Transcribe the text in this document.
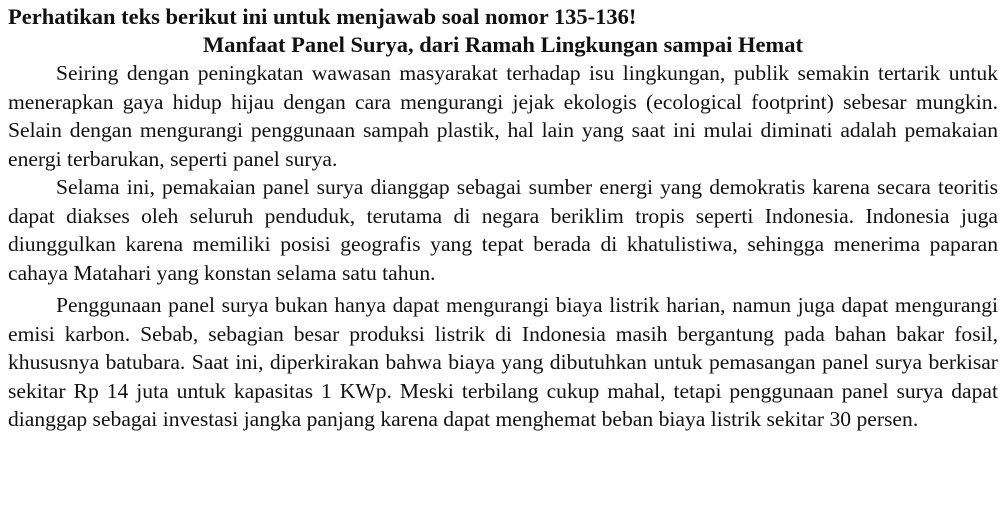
Perhatikan teks berikut ini untuk menjawab soal nomor 135-136!

Manfaat Panel Surya, dari Ramah Lingkungan sampai Hemat

Seiring dengan peningkatan wawasan masyarakat terhadap isu lingkungan, publik semakin tertarik untuk menerapkan gaya hidup hijau dengan cara mengurangi jejak ekologis (ecological footprint) sebesar mungkin. Selain dengan mengurangi penggunaan sampah plastik, hal lain yang saat ini mulai diminati adalah pemakaian energi terbarukan, seperti panel surya.

Selama ini, pemakaian panel surya dianggap sebagai sumber energi yang demokratis karena secara teoritis dapat diakses oleh seluruh penduduk, terutama di negara beriklim tropis seperti Indonesia. Indonesia juga diunggulkan karena memiliki posisi geografis yang tepat berada di khatulistiwa, sehingga menerima paparan cahaya Matahari yang konstan selama satu tahun.

Penggunaan panel surya bukan hanya dapat mengurangi biaya listrik harian, namun juga dapat mengurangi emisi karbon. Sebab, sebagian besar produksi listrik di Indonesia masih bergantung pada bahan bakar fosil, khususnya batubara. Saat ini, diperkirakan bahwa biaya yang dibutuhkan untuk pemasangan panel surya berkisar sekitar Rp 14 juta untuk kapasitas 1 KWp. Meski terbilang cukup mahal, tetapi penggunaan panel surya dapat dianggap sebagai investasi jangka panjang karena dapat menghemat beban biaya listrik sekitar 30 persen.
